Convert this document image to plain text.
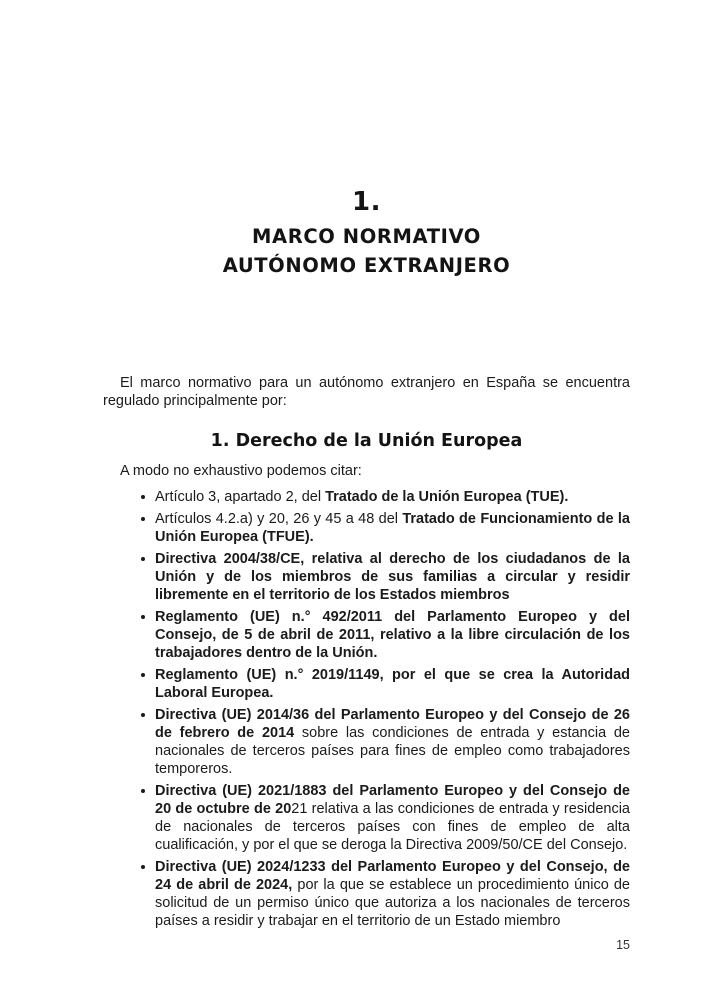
1.
MARCO NORMATIVO
AUTÓNOMO EXTRANJERO

El marco normativo para un autónomo extranjero en España se encuentra regulado principalmente por:

1. Derecho de la Unión Europea

A modo no exhaustivo podemos citar:

Artículo 3, apartado 2, del Tratado de la Unión Europea (TUE).
Artículos 4.2.a) y 20, 26 y 45 a 48 del Tratado de Funcionamiento de la Unión Europea (TFUE).
Directiva 2004/38/CE, relativa al derecho de los ciudadanos de la Unión y de los miembros de sus familias a circular y residir libremente en el territorio de los Estados miembros
Reglamento (UE) n.° 492/2011 del Parlamento Europeo y del Consejo, de 5 de abril de 2011, relativo a la libre circulación de los trabajadores dentro de la Unión.
Reglamento (UE) n.° 2019/1149, por el que se crea la Autoridad Laboral Europea.
Directiva (UE) 2014/36 del Parlamento Europeo y del Consejo de 26 de febrero de 2014 sobre las condiciones de entrada y estancia de nacionales de terceros países para fines de empleo como trabajadores temporeros.
Directiva (UE) 2021/1883 del Parlamento Europeo y del Consejo de 20 de octubre de 2021 relativa a las condiciones de entrada y residencia de nacionales de terceros países con fines de empleo de alta cualificación, y por el que se deroga la Directiva 2009/50/CE del Consejo.
Directiva (UE) 2024/1233 del Parlamento Europeo y del Consejo, de 24 de abril de 2024, por la que se establece un procedimiento único de solicitud de un permiso único que autoriza a los nacionales de terceros países a residir y trabajar en el territorio de un Estado miembro
15
